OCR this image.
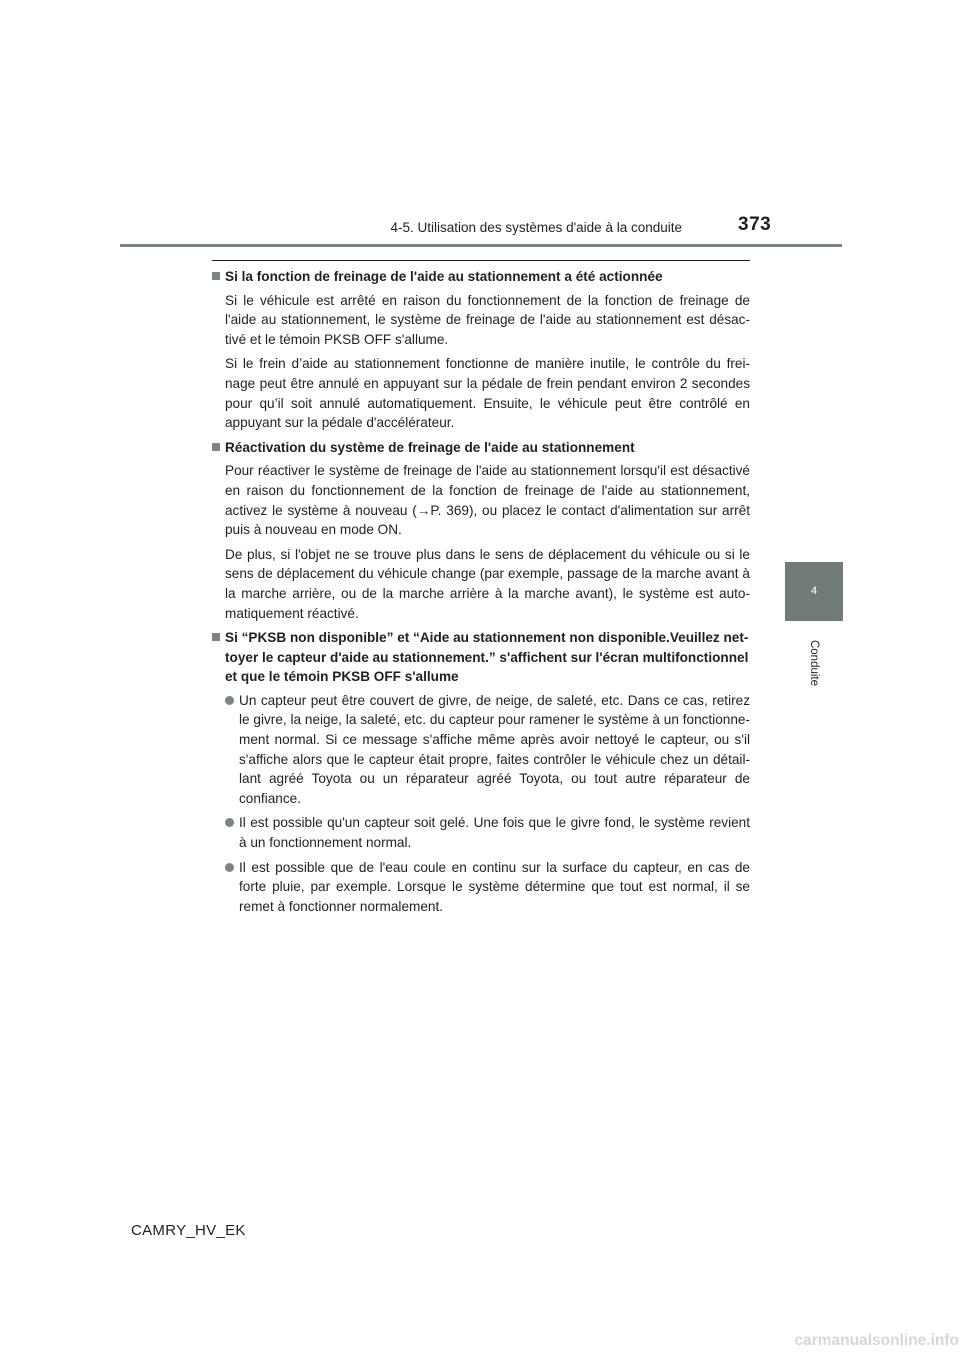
4-5. Utilisation des systèmes d'aide à la conduite	373
4
Conduite
Si la fonction de freinage de l'aide au stationnement a été actionnée

Si le véhicule est arrêté en raison du fonctionnement de la fonction de freinage de l'aide au stationnement, le système de freinage de l'aide au stationnement est désac-tivé et le témoin PKSB OFF s'allume.

Si le frein d’aide au stationnement fonctionne de manière inutile, le contrôle du frei-nage peut être annulé en appuyant sur la pédale de frein pendant environ 2 secondes pour qu’il soit annulé automatiquement. Ensuite, le véhicule peut être contrôlé en appuyant sur la pédale d'accélérateur.

Réactivation du système de freinage de l'aide au stationnement

Pour réactiver le système de freinage de l'aide au stationnement lorsqu'il est désactivé en raison du fonctionnement de la fonction de freinage de l'aide au stationnement, activez le système à nouveau (→P. 369), ou placez le contact d'alimentation sur arrêt puis à nouveau en mode ON.

De plus, si l'objet ne se trouve plus dans le sens de déplacement du véhicule ou si le sens de déplacement du véhicule change (par exemple, passage de la marche avant à la marche arrière, ou de la marche arrière à la marche avant), le système est auto-matiquement réactivé.

Si “PKSB non disponible” et “Aide au stationnement non disponible.Veuillez net-toyer le capteur d'aide au stationnement.” s'affichent sur l'écran multifonctionnel et que le témoin PKSB OFF s'allume
Un capteur peut être couvert de givre, de neige, de saleté, etc. Dans ce cas, retirez le givre, la neige, la saleté, etc. du capteur pour ramener le système à un fonctionne-ment normal. Si ce message s'affiche même après avoir nettoyé le capteur, ou s'il s'affiche alors que le capteur était propre, faites contrôler le véhicule chez un détail-lant agréé Toyota ou un réparateur agréé Toyota, ou tout autre réparateur de confiance.
Il est possible qu'un capteur soit gelé. Une fois que le givre fond, le système revient à un fonctionnement normal.
Il est possible que de l'eau coule en continu sur la surface du capteur, en cas de forte pluie, par exemple. Lorsque le système détermine que tout est normal, il se remet à fonctionner normalement.
CAMRY_HV_EK
carmanualsonline.info
